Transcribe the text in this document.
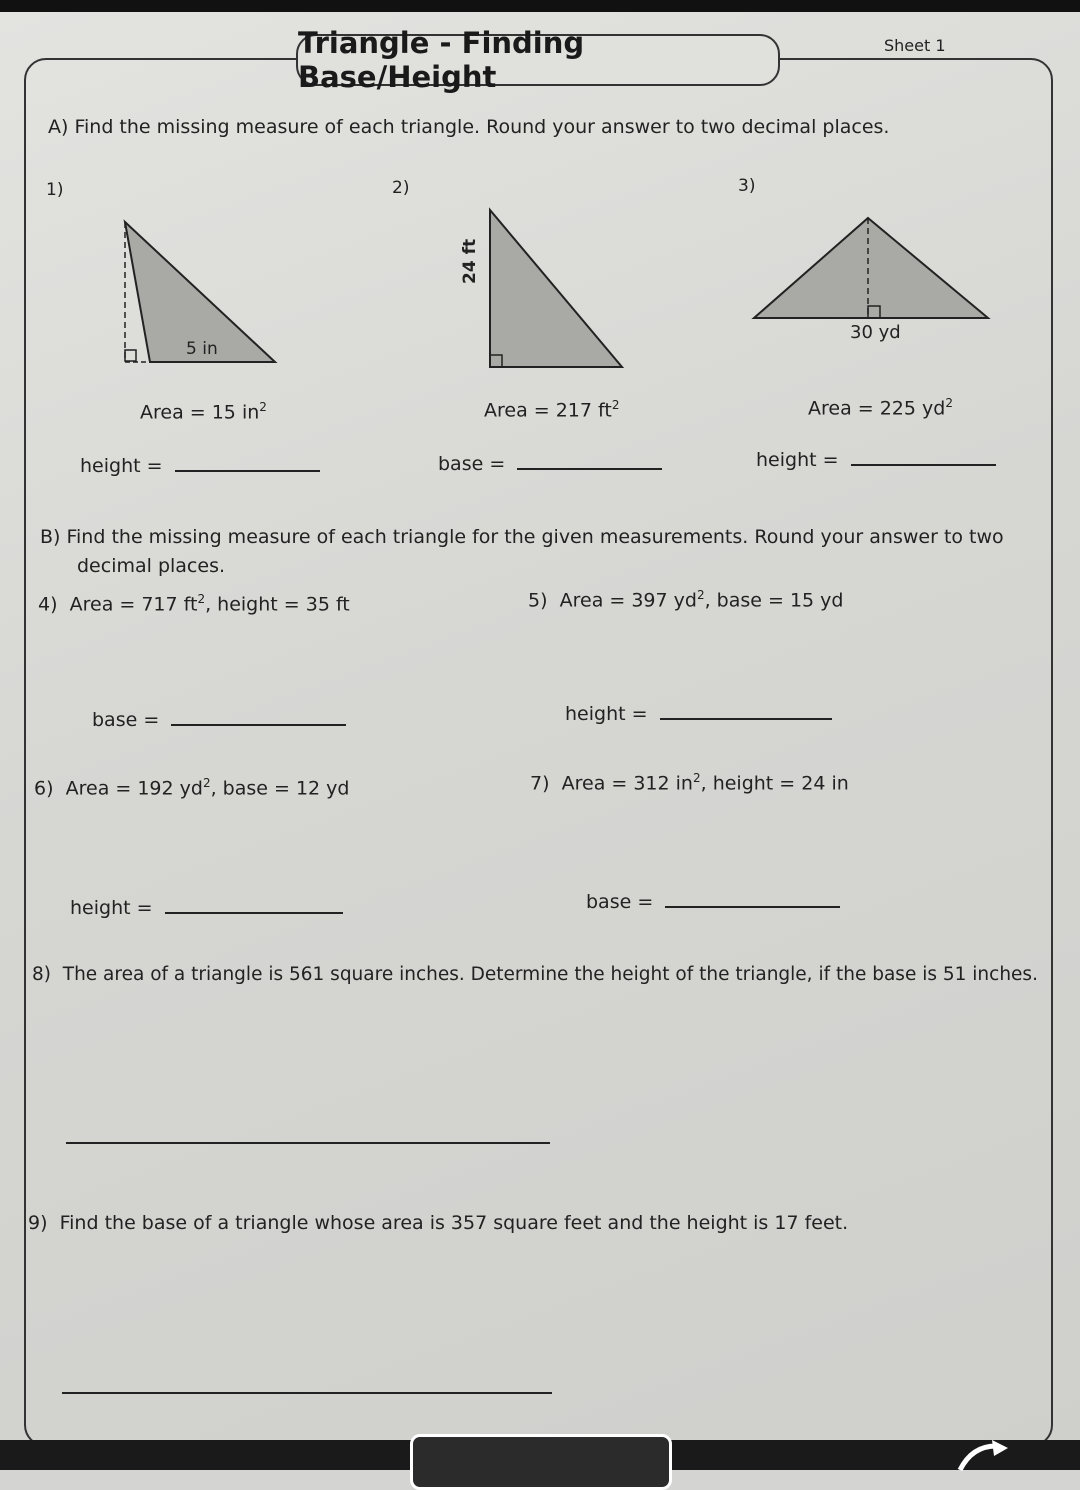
Triangle - Finding Base/Height
Sheet 1
A) Find the missing measure of each triangle. Round your answer to two decimal places.
1)
5 in
Area = 15 $in^2$
height =
2)
24 ft
Area = 217 $ft^2$
base =
3)
30 yd
Area = 225 $yd^2$
height =
B) Find the missing measure of each triangle for the given measurements. Round your answer to two
decimal places.
4) Area = 717 $ft^2$, height = 35 ft
base =
5) Area = 397 $yd^2$, base = 15 yd
height =
6) Area = 192 $yd^2$, base = 12 yd
height =
7) Area = 312 $in^2$, height = 24 in
base =
8) The area of a triangle is 561 square inches. Determine the height of the triangle, if the base is 51 inches.
9) Find the base of a triangle whose area is 357 square feet and the height is 17 feet.
